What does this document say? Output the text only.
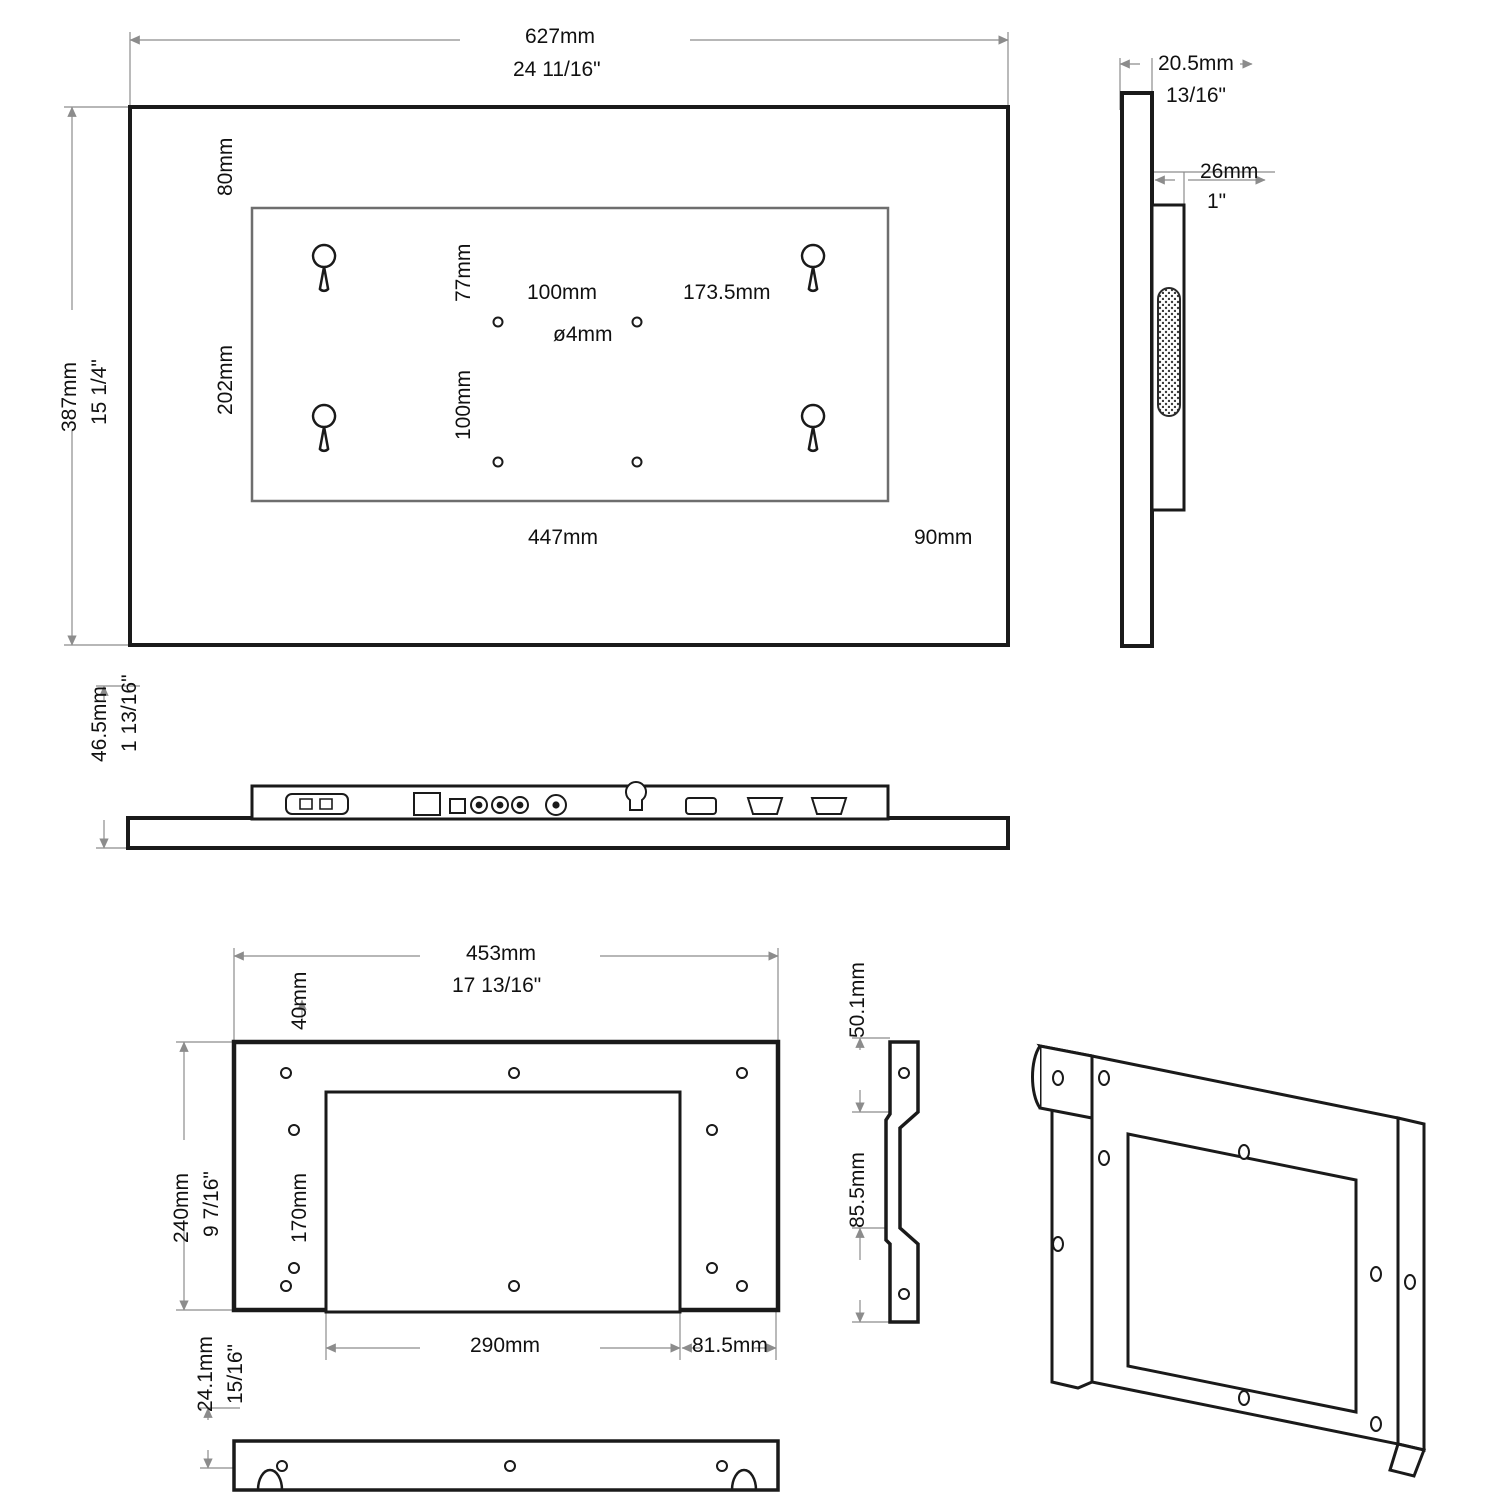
627mm
24 11/16"
387mm 15 1/4"
80mm
202mm
77mm
100mm
100mm	173.5mm
ø4mm
447mm	90mm
20.5mm
13/16"
26mm
1"
46.5mm 1 13/16"
453mm
17 13/16"
40mm
240mm 9 7/16"	170mm
290mm	81.5mm
50.1mm
85.5mm
24.1mm 15/16"
